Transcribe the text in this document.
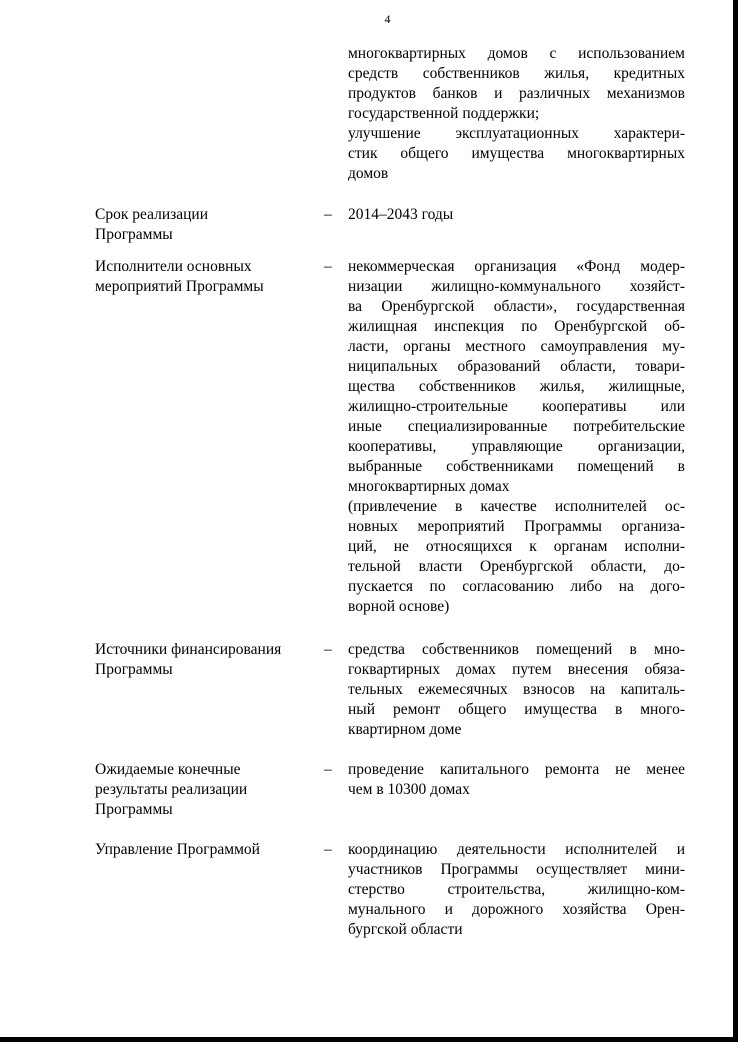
4
многоквартирных домов с использованием
средств собственников жилья, кредитных
продуктов банков и различных механизмов
государственной поддержки;
улучшение эксплуатационных характери-
стик общего имущества многоквартирных
домов
Срок реализации
Программы
–	2014–2043 годы
Исполнители основных
мероприятий Программы
–	некоммерческая организация «Фонд модер-
низации жилищно-коммунального хозяйст-
ва Оренбургской области», государственная
жилищная инспекция по Оренбургской об-
ласти, органы местного самоуправления му-
ниципальных образований области, товари-
щества собственников жилья, жилищные,
жилищно-строительные кооперативы или
иные специализированные потребительские
кооперативы, управляющие организации,
выбранные собственниками помещений в
многоквартирных домах
(привлечение в качестве исполнителей ос-
новных мероприятий Программы организа-
ций, не относящихся к органам исполни-
тельной власти Оренбургской области, до-
пускается по согласованию либо на дого-
ворной основе)
Источники финансирования
Программы
–	средства собственников помещений в мно-
гоквартирных домах путем внесения обяза-
тельных ежемесячных взносов на капиталь-
ный ремонт общего имущества в много-
квартирном доме
Ожидаемые конечные
результаты реализации
Программы
–	проведение капитального ремонта не менее
чем в 10300 домах
Управление Программой	–	координацию деятельности исполнителей и
участников Программы осуществляет мини-
стерство строительства, жилищно-ком-
мунального и дорожного хозяйства Орен-
бургской области
